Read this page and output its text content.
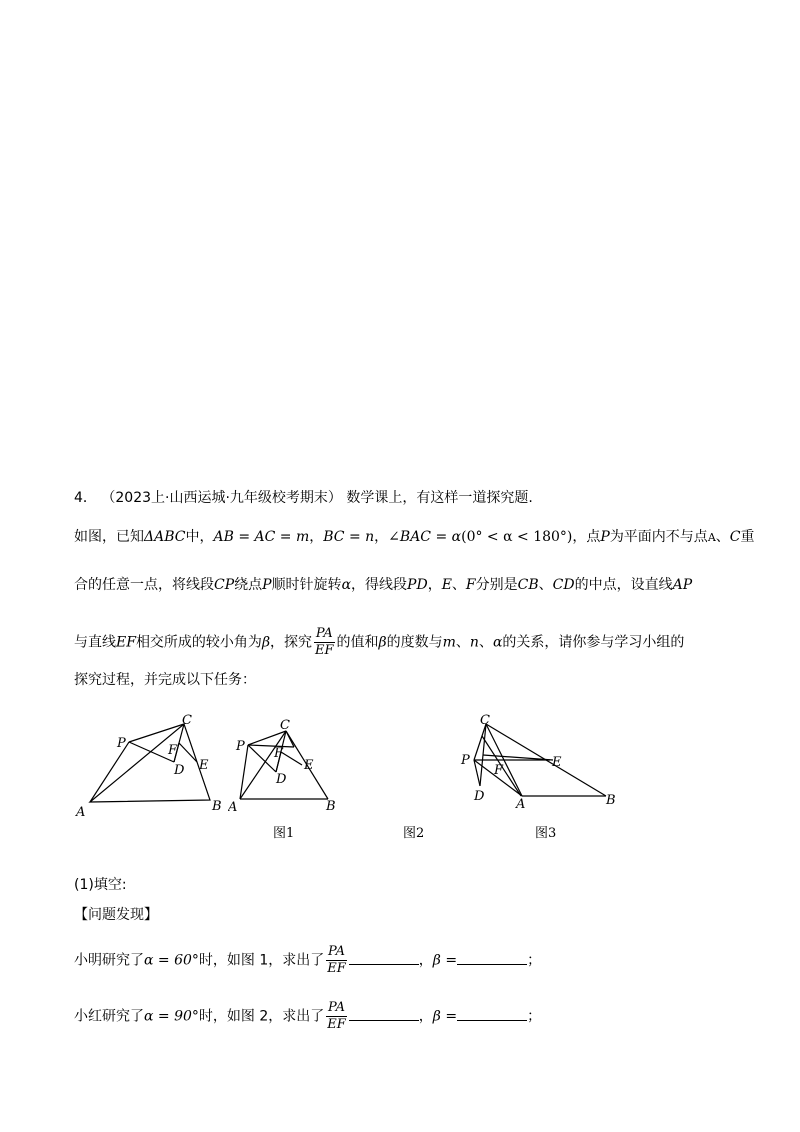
4． （2023上·山西运城·九年级校考期末） 数学课上，有这样一道探究题.
如图，已知ΔABC中，AB = AC = m，BC = n，∠BAC = α(0° < α < 180°)，点P为平面内不与点A、C重
合的任意一点，将线段CP绕点P顺时针旋转α，得线段PD，E、F分别是CB、CD的中点，设直线AP
与直线EF相交所成的较小角为β，探究 $\frac{PA}{EF}$ 的值和β的度数与m、n、α的关系，请你参与学习小组的
探究过程，并完成以下任务：
A	B
C
D E
F
P
图1
A	B
C
D
E
F
P
图2
A	B
C
D
E
F
P
图3
(1)填空:
【问题发现】
小明研究了α = 60°时，如图 1，求出了 $\frac{PA}{EF}$	，β =	；
小红研究了α = 90°时，如图 2，求出了 $\frac{PA}{EF}$	，β =	；
